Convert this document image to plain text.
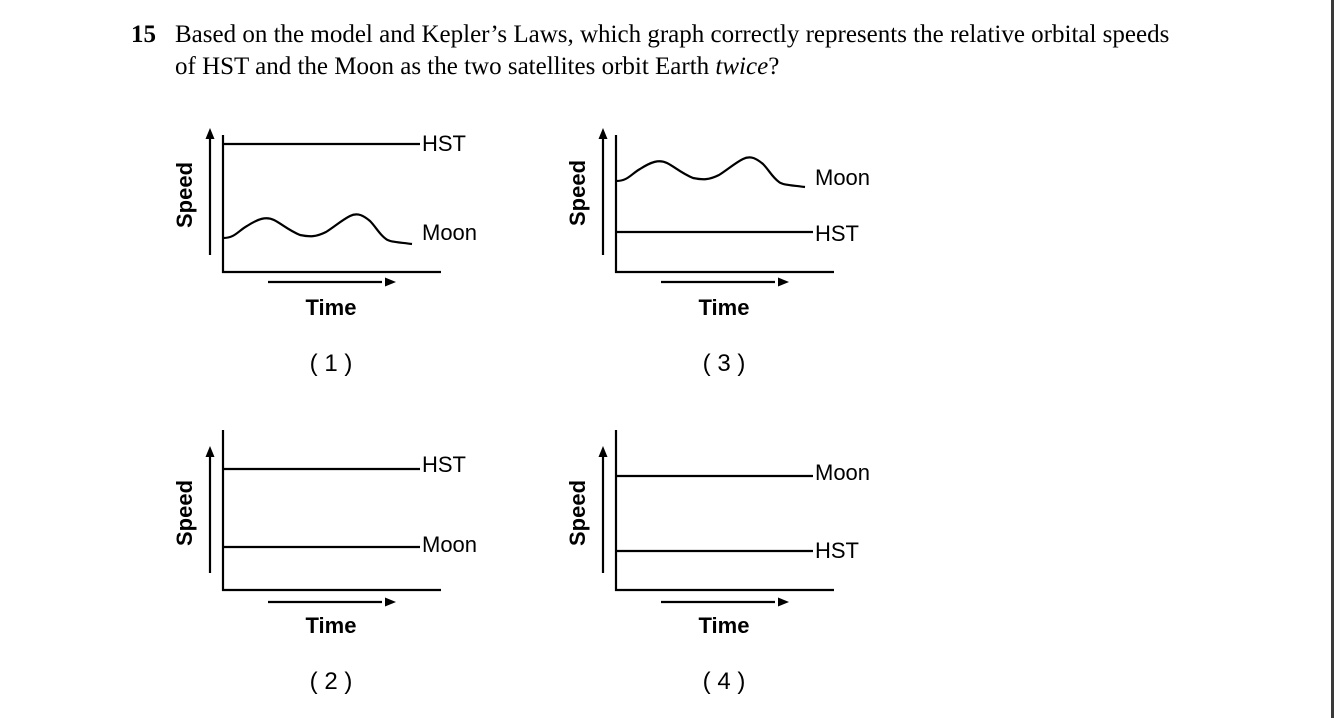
15 Based on the model and Kepler’s Laws, which graph correctly represents the relative orbital speeds of HST and the Moon as the two satellites orbit Earth twice?
HST
Moon
Speed
Time
( 1 )
Moon
HST
Speed
Time
( 3 )
HST
Moon
Speed
Time
( 2 )
Moon
HST
Speed
Time
( 4 )
